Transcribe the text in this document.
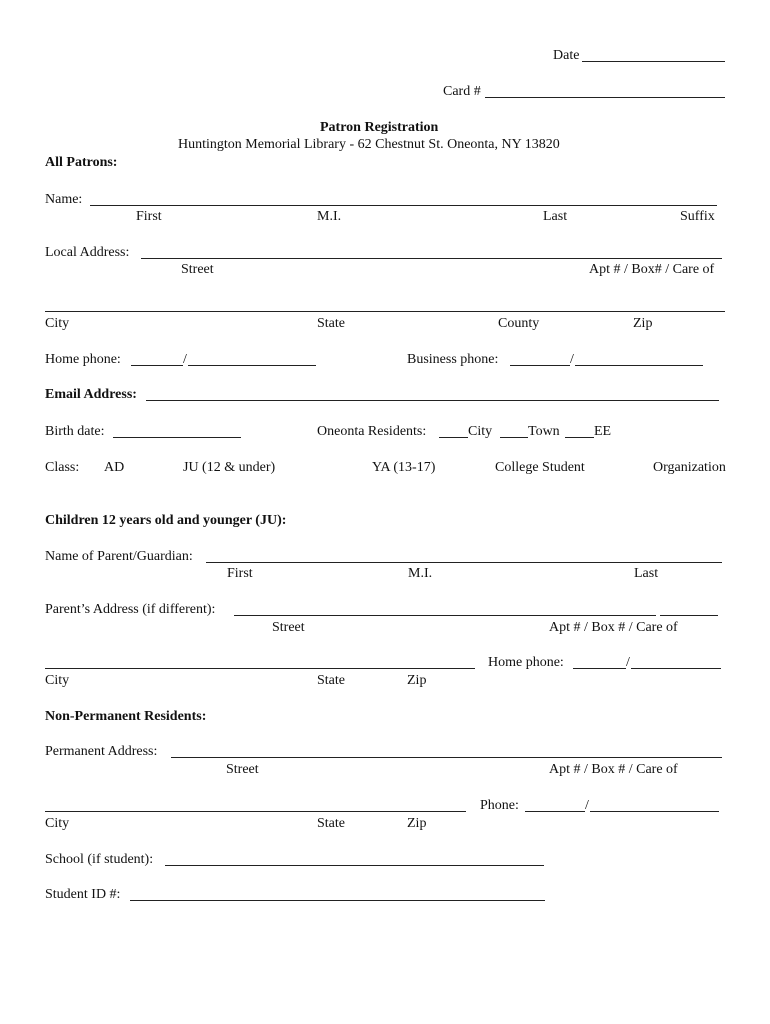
Date
Card #
Patron Registration
Huntington Memorial Library - 62 Chestnut St. Oneonta, NY 13820
All Patrons:
Name:
First	M.I.	Last	Suffix
Local Address:
Street	Apt # / Box# / Care of
City	State	County	Zip
Home phone:	/	Business phone:	/
Email Address:
Birth date:	Oneonta Residents:	City	Town EE
Class: AD	JU (12 & under)	YA (13-17)	College Student	Organization
Children 12 years old and younger (JU):
Name of Parent/Guardian:
First	M.I.	Last
Parent’s Address (if different):
Street	Apt # / Box # / Care of
Home phone:	/
City	State	Zip
Non-Permanent Residents:
Permanent Address:
Street	Apt # / Box # / Care of
Phone:	/
City	State	Zip
School (if student):
Student ID #:
